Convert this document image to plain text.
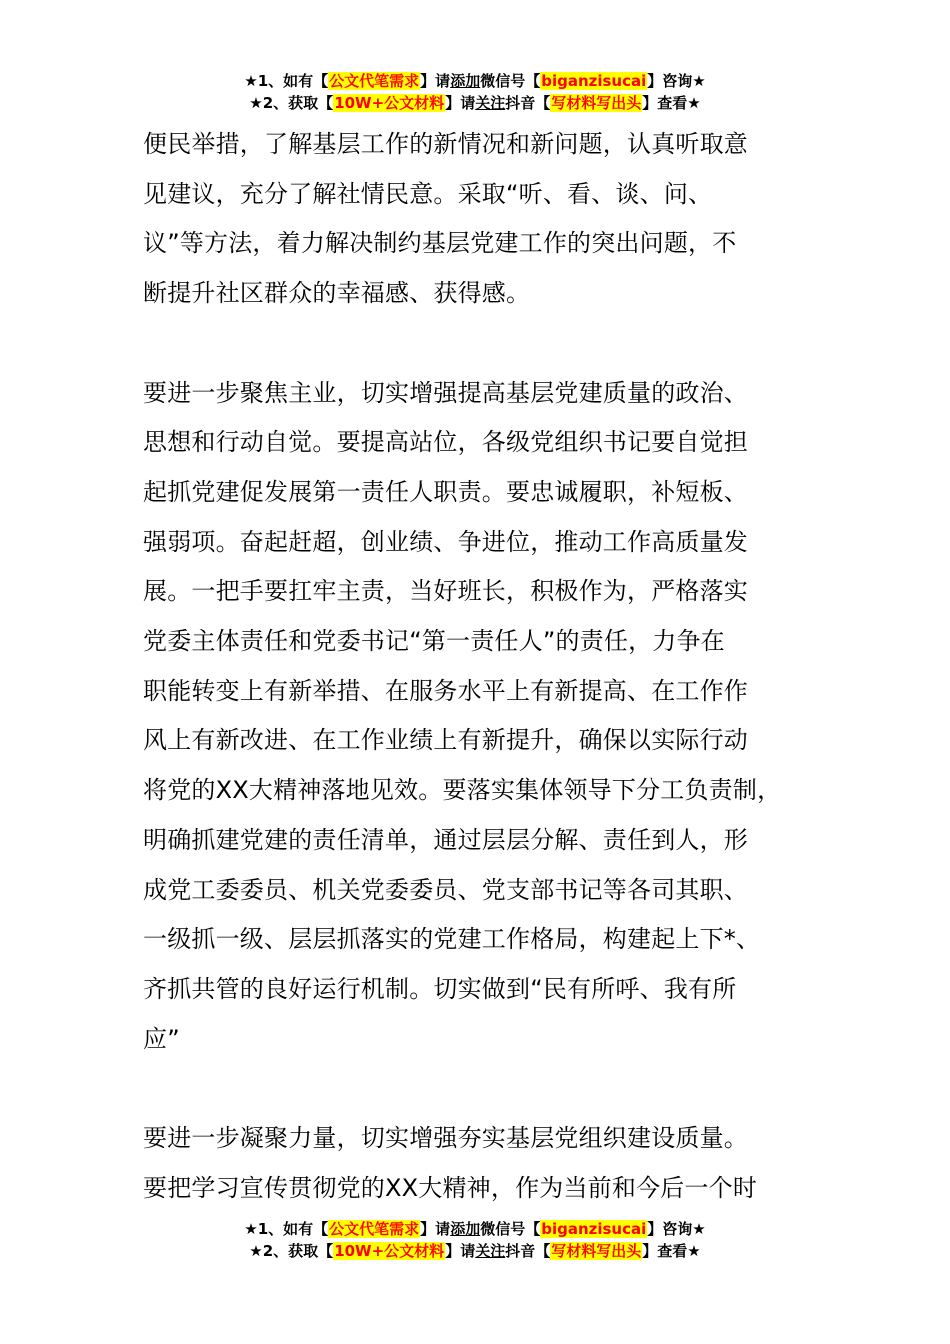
★1、如有【公文代笔需求】请添加微信号【biganzisucai】咨询★
★2、获取【10W+公文材料】请关注抖音【写材料写出头】查看★
便民举措，了解基层工作的新情况和新问题，认真听取意
见建议，充分了解社情民意。采取“听、看、谈、问、
议”等方法，着力解决制约基层党建工作的突出问题，不
断提升社区群众的幸福感、获得感。
要进一步聚焦主业，切实增强提高基层党建质量的政治、
思想和行动自觉。要提高站位，各级党组织书记要自觉担
起抓党建促发展第一责任人职责。要忠诚履职，补短板、
强弱项。奋起赶超，创业绩、争进位，推动工作高质量发
展。一把手要扛牢主责，当好班长，积极作为，严格落实
党委主体责任和党委书记“第一责任人”的责任，力争在
职能转变上有新举措、在服务水平上有新提高、在工作作
风上有新改进、在工作业绩上有新提升，确保以实际行动
将党的XX大精神落地见效。要落实集体领导下分工负责制，
明确抓建党建的责任清单，通过层层分解、责任到人，形
成党工委委员、机关党委委员、党支部书记等各司其职、
一级抓一级、层层抓落实的党建工作格局，构建起上下*、
齐抓共管的良好运行机制。切实做到“民有所呼、我有所
应”
要进一步凝聚力量，切实增强夯实基层党组织建设质量。
要把学习宣传贯彻党的XX大精神，作为当前和今后一个时
★1、如有【公文代笔需求】请添加微信号【biganzisucai】咨询★
★2、获取【10W+公文材料】请关注抖音【写材料写出头】查看★
